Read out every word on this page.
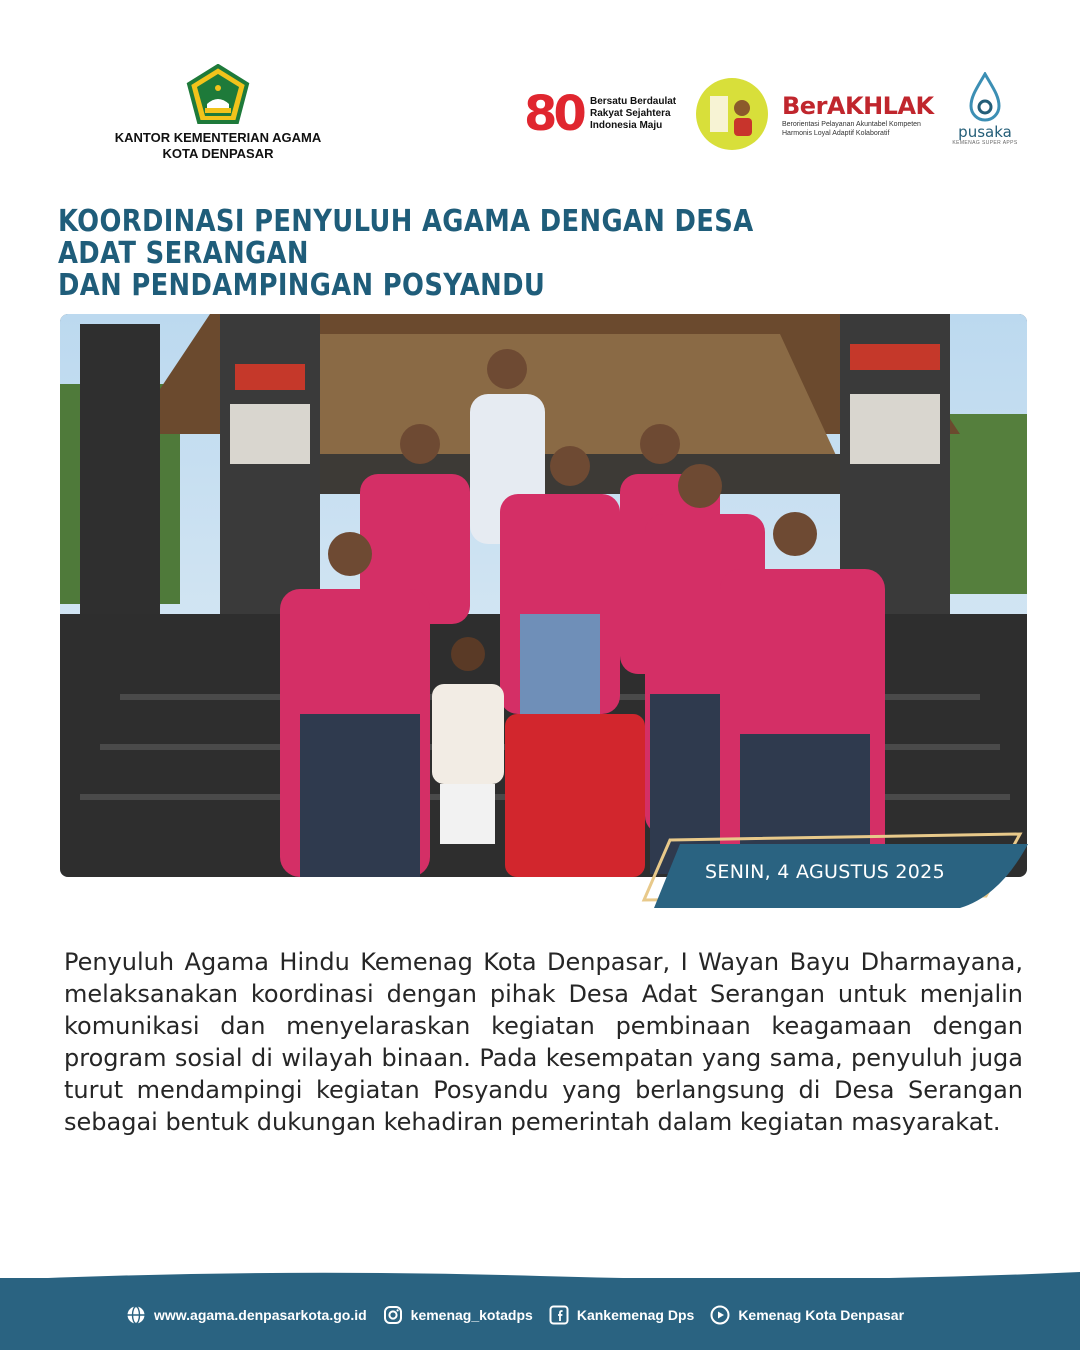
KANTOR KEMENTERIAN AGAMA
KOTA DENPASAR
80 Bersatu Berdaulat Rakyat Sejahtera Indonesia Maju
BerAKHLAK
Berorientasi Pelayanan Akuntabel Kompeten Harmonis Loyal Adaptif Kolaboratif	pusaka
KEMENAG SUPER APPS
KOORDINASI PENYULUH AGAMA DENGAN DESA ADAT SERANGAN
DAN PENDAMPINGAN POSYANDU
SENIN, 4 AGUSTUS 2025
Penyuluh Agama Hindu Kemenag Kota Denpasar, I Wayan Bayu Dharmayana, melaksanakan koordinasi dengan pihak Desa Adat Serangan untuk menjalin komunikasi dan menyelaraskan kegiatan pembinaan keagamaan dengan program sosial di wilayah binaan. Pada kesempatan yang sama, penyuluh juga turut mendampingi kegiatan Posyandu yang berlangsung di Desa Serangan sebagai bentuk dukungan kehadiran pemerintah dalam kegiatan masyarakat.
www.agama.denpasarkota.go.id	kemenag_kotadps	Kankemenag Dps	Kemenag Kota Denpasar
